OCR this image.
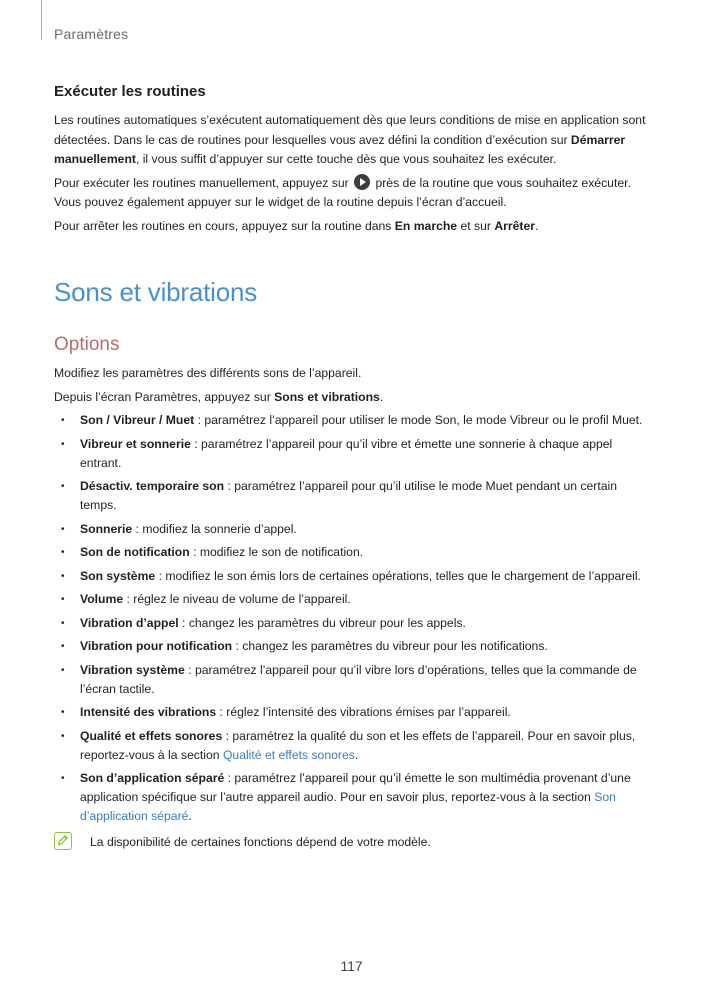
Paramètres
Exécuter les routines

Les routines automatiques s’exécutent automatiquement dès que leurs conditions de mise en application sont détectées. Dans le cas de routines pour lesquelles vous avez défini la condition d’exécution sur Démarrer manuellement, il vous suffit d’appuyer sur cette touche dès que vous souhaitez les exécuter.

Pour exécuter les routines manuellement, appuyez sur  près de la routine que vous souhaitez exécuter. Vous pouvez également appuyer sur le widget de la routine depuis l’écran d’accueil.

Pour arrêter les routines en cours, appuyez sur la routine dans En marche et sur Arrêter.

Sons et vibrations
Options

Modifiez les paramètres des différents sons de l’appareil.

Depuis l’écran Paramètres, appuyez sur Sons et vibrations.

• Son / Vibreur / Muet : paramétrez l’appareil pour utiliser le mode Son, le mode Vibreur ou le profil Muet.
• Vibreur et sonnerie : paramétrez l’appareil pour qu’il vibre et émette une sonnerie à chaque appel entrant.
• Désactiv. temporaire son : paramétrez l’appareil pour qu’il utilise le mode Muet pendant un certain temps.
• Sonnerie : modifiez la sonnerie d’appel.
• Son de notification : modifiez le son de notification.
• Son système : modifiez le son émis lors de certaines opérations, telles que le chargement de l’appareil.
• Volume : réglez le niveau de volume de l’appareil.
• Vibration d’appel : changez les paramètres du vibreur pour les appels.
• Vibration pour notification : changez les paramètres du vibreur pour les notifications.
• Vibration système : paramétrez l’appareil pour qu’il vibre lors d’opérations, telles que la commande de l’écran tactile.
• Intensité des vibrations : réglez l’intensité des vibrations émises par l’appareil.
• Qualité et effets sonores : paramétrez la qualité du son et les effets de l’appareil. Pour en savoir plus, reportez-vous à la section Qualité et effets sonores.
• Son d’application séparé : paramétrez l’appareil pour qu’il émette le son multimédia provenant d’une application spécifique sur l’autre appareil audio. Pour en savoir plus, reportez-vous à la section Son d’application séparé.
La disponibilité de certaines fonctions dépend de votre modèle.
117
